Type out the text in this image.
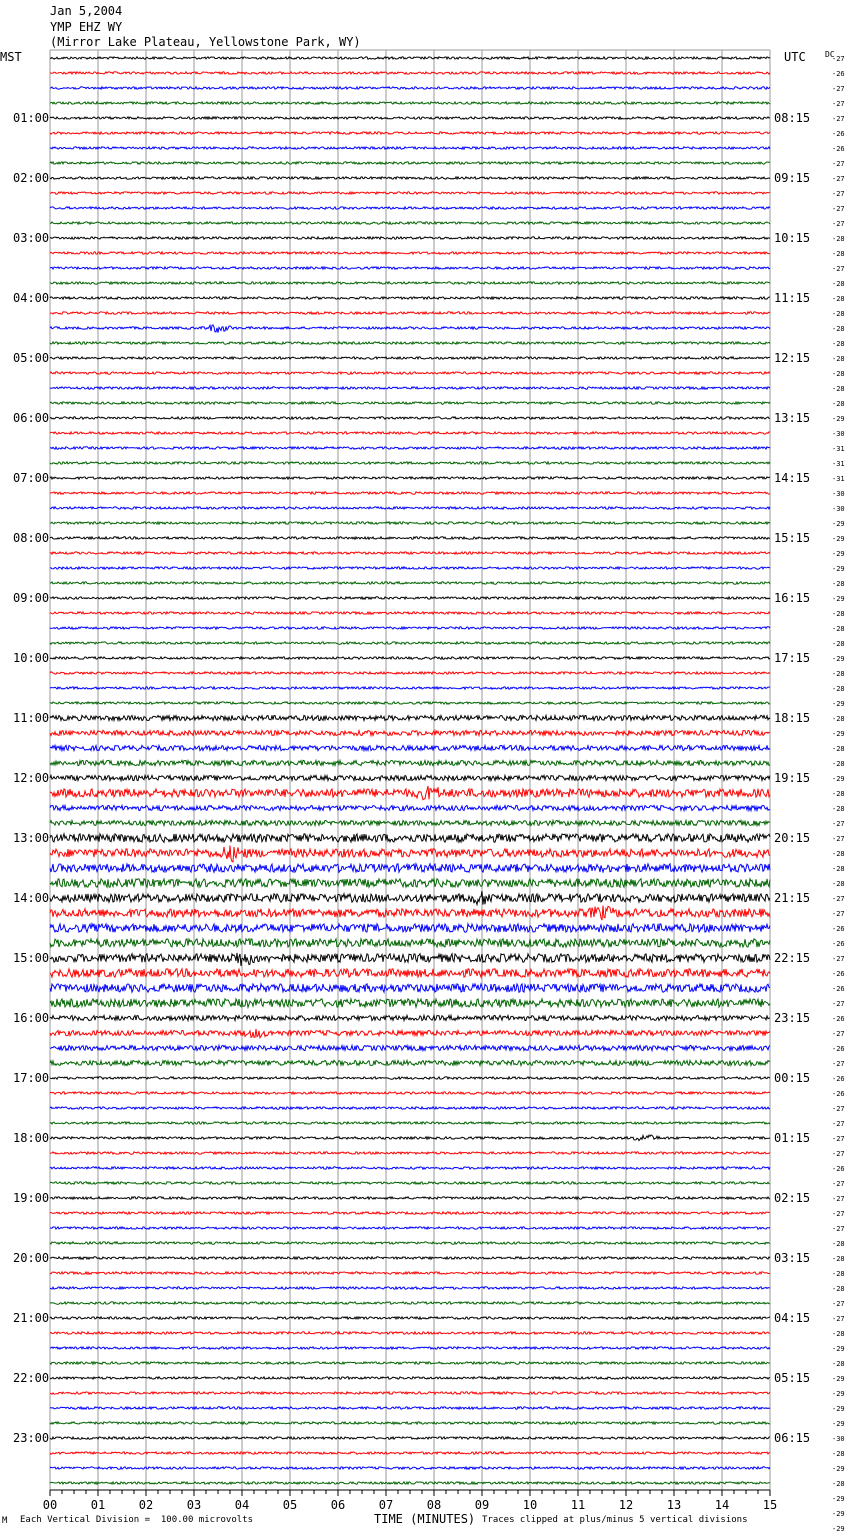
Jan 5,2004
YMP EHZ WY
(Mirror Lake Plateau, Yellowstone Park, WY)
01:00
02:00
03:00
04:00
05:00
06:00
07:00
08:00
09:00
10:00
11:00
12:00
13:00
14:00
15:00
16:00
17:00
18:00
19:00
20:00
21:00
22:00
23:00
08:15
09:15
10:15
11:15
12:15
13:15
14:15
15:15
16:15
17:15
18:15
19:15
20:15
21:15
22:15
23:15
00:15
01:15
02:15
03:15
04:15
05:15
06:15
-27
-26
-27
-27
-27
-26
-26
-27
-27
-27
-27
-27
-28
-28
-27
-28
-28
-28
-28
-28
-28
-28
-28
-28
-29
-30
-31
-31
-31
-30
-30
-29
-29
-29
-29
-28
-29
-28
-28
-28
-29
-28
-28
-29
-28
-29
-28
-28
-29
-28
-28
-27
-27
-28
-28
-28
-27
-27
-26
-26
-27
-26
-26
-27
-26
-27
-26
-27
-26
-26
-27
-27
-27
-27
-26
-27
-27
-27
-27
-28
-28
-28
-28
-27
-27
-28
-29
-28
-29
-29
-29
-29
-30
-28
-29
-28
-29
-29
-29
00	01	02	03	04	05	06	07	08	09	10	11	12	13	14	15
MST	UTC DC
M Each Vertical Division =  100.00 microvolts	TIME (MINUTES) Traces clipped at plus/minus 5 vertical divisions
